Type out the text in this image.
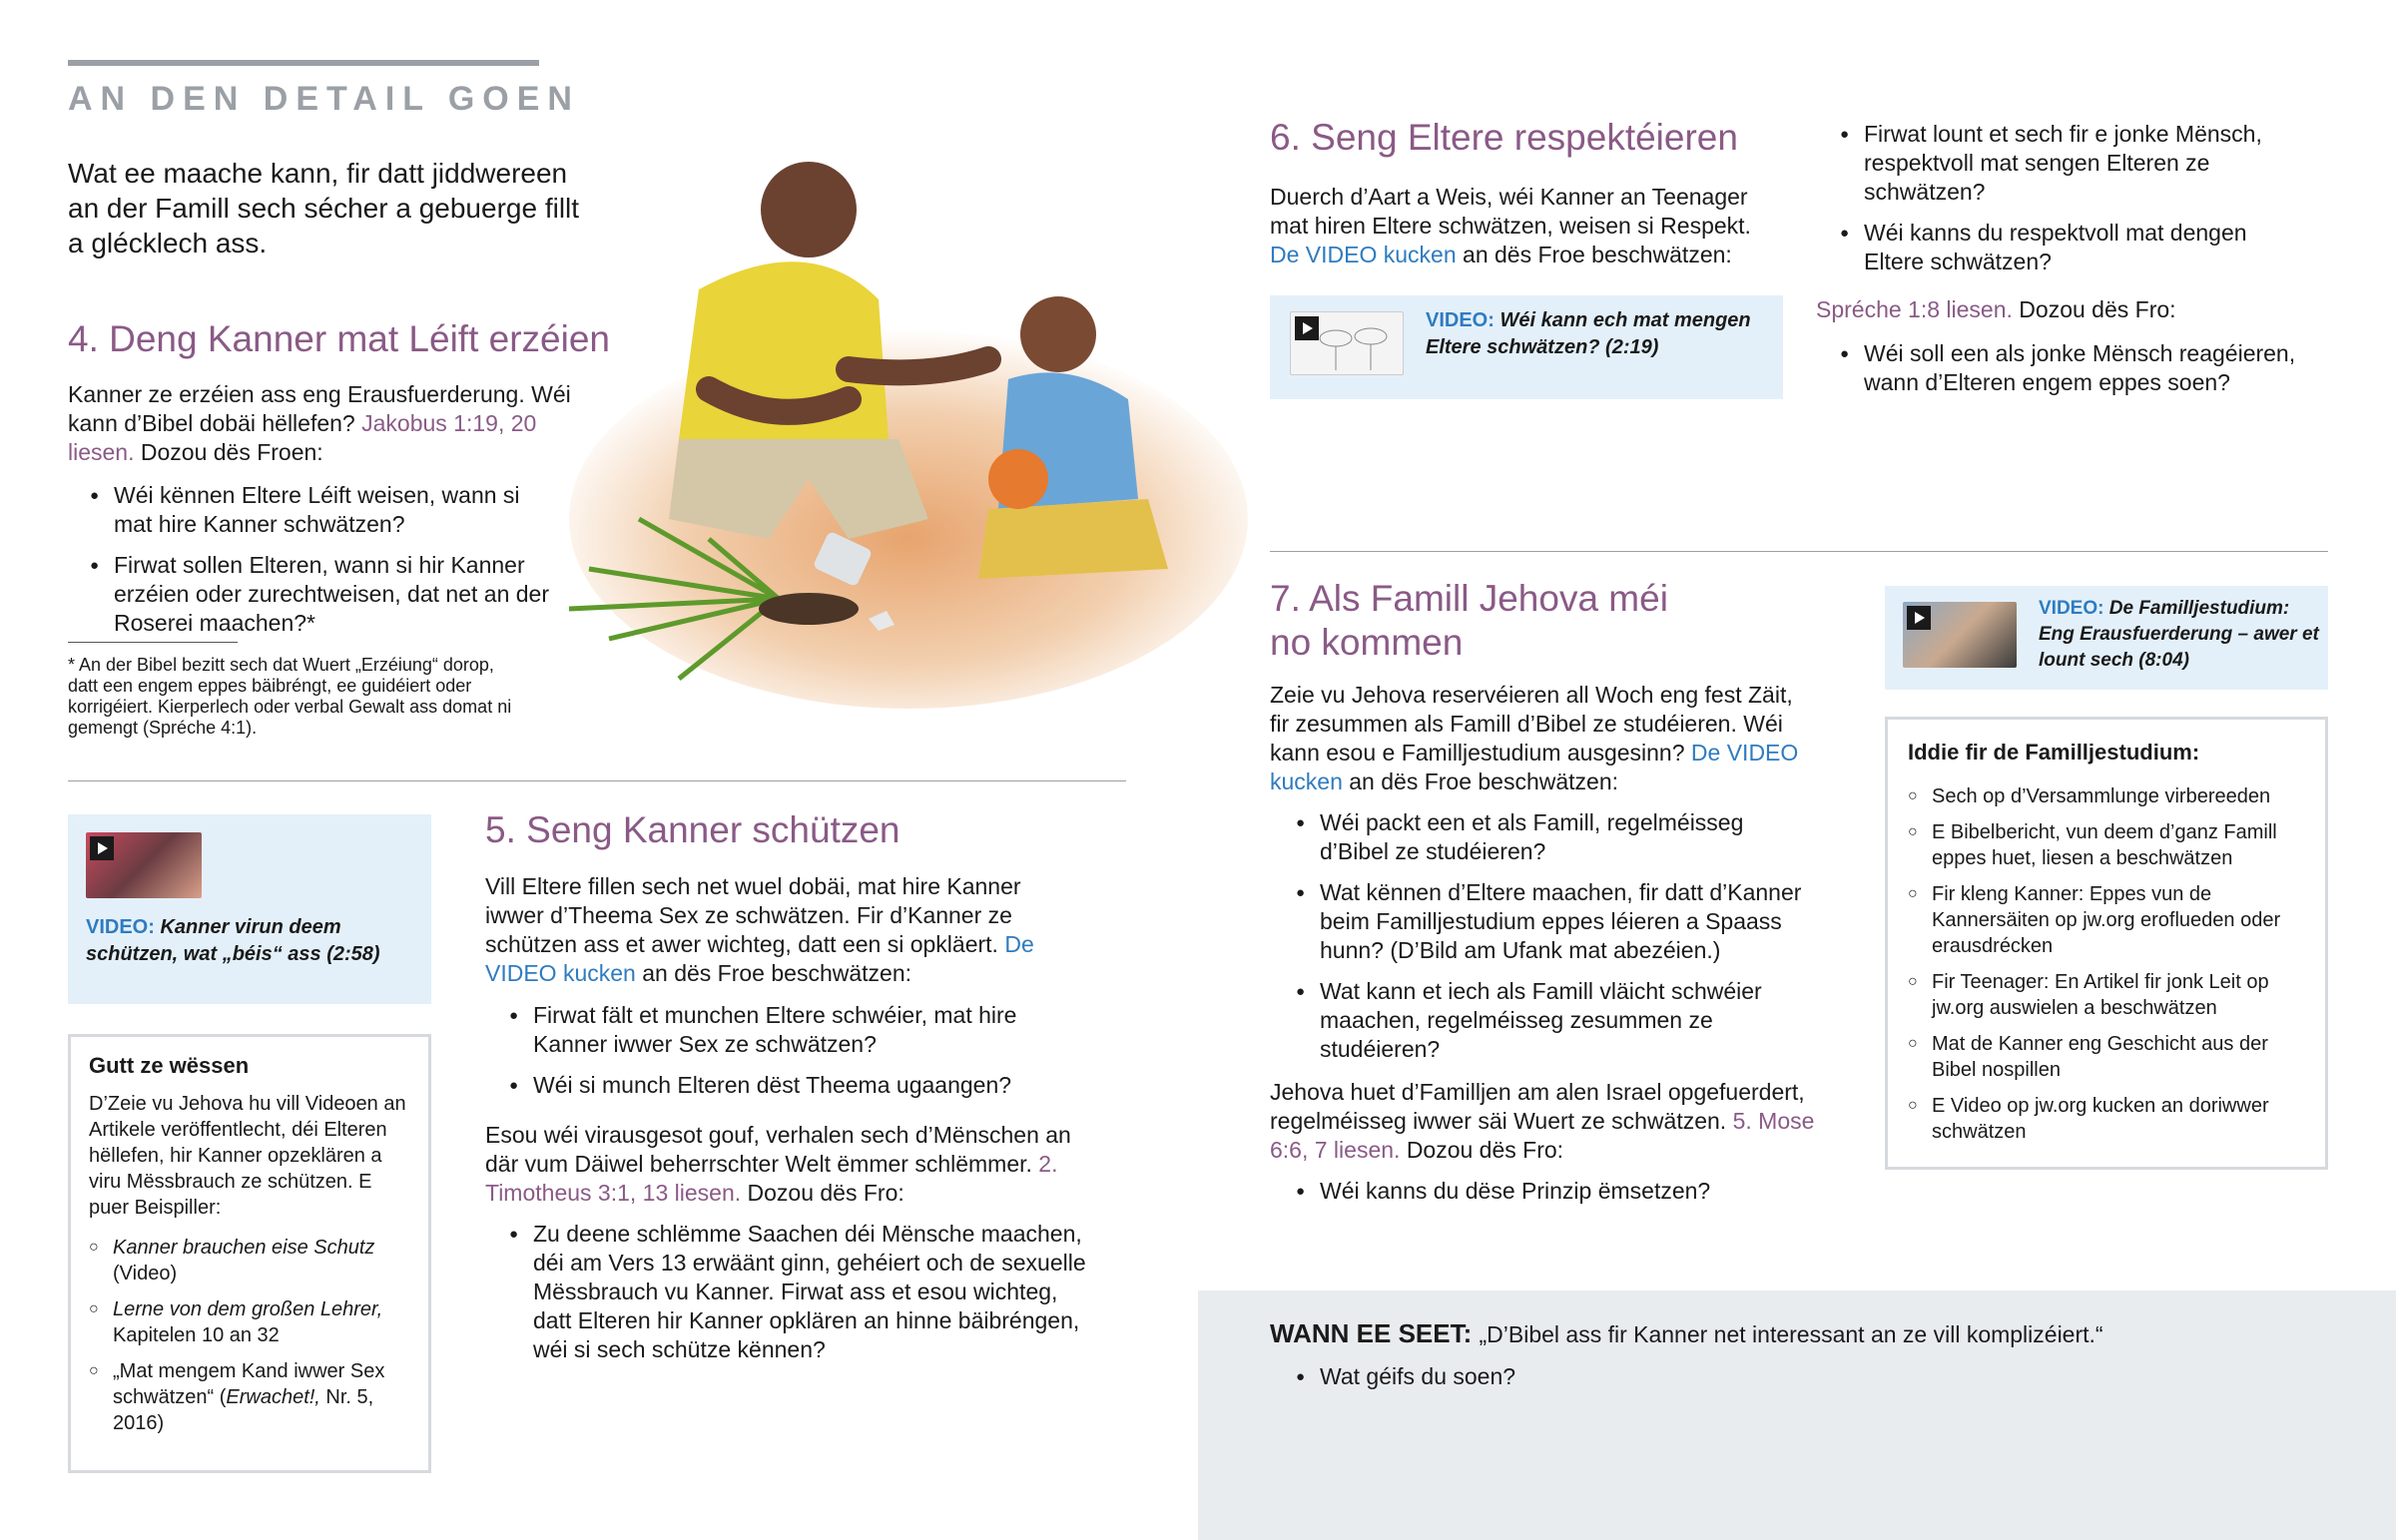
AN DEN DETAIL GOEN
Wat ee maache kann, fir datt jiddwereen an der Famill sech sécher a gebuerge fillt a glécklech ass.
4. Deng Kanner mat Léift erzéien
Kanner ze erzéien ass eng Erausfuerderung. Wéi kann d’Bibel dobäi hëllefen? Jakobus 1:19, 20 liesen. Dozou dës Froen:
● Wéi kënnen Eltere Léift weisen, wann si mat hire Kanner schwätzen?
● Firwat sollen Elteren, wann si hir Kanner erzéien oder zurechtweisen, dat net an der Roserei maachen?*
* An der Bibel bezitt sech dat Wuert „Erzéiung“ dorop, datt een engem eppes bäibréngt, ee guidéiert oder korrigéiert. Kierperlech oder verbal Gewalt ass domat ni gemengt (Spréche 4:1).
VIDEO: Kanner virun deem schützen, wat „béis“ ass (2:58)
Gutt ze wëssen
D’Zeie vu Jehova hu vill Videoen an Artikele veröffentlecht, déi Elteren hëllefen, hir Kanner opzeklären a viru Mëssbrauch ze schützen. E puer Beispiller:
○ Kanner brauchen eise Schutz (Video)
○ Lerne von dem großen Lehrer, Kapitelen 10 an 32
○ „Mat mengem Kand iwwer Sex schwätzen“ (Erwachet!, Nr. 5, 2016)
5. Seng Kanner schützen
Vill Eltere fillen sech net wuel dobäi, mat hire Kanner iwwer d’Theema Sex ze schwätzen. Fir d’Kanner ze schützen ass et awer wichteg, datt een si opkläert. De VIDEO kucken an dës Froe beschwätzen:
● Firwat fält et munchen Eltere schwéier, mat hire Kanner iwwer Sex ze schwätzen?
● Wéi si munch Elteren dëst Theema ugaangen?
Esou wéi virausgesot gouf, verhalen sech d’Mënschen an där vum Däiwel beherrschter Welt ëmmer schlëmmer. 2. Timotheus 3:1, 13 liesen. Dozou dës Fro:
● Zu deene schlëmme Saachen déi Mënsche maachen, déi am Vers 13 erwäänt ginn, gehéiert och de sexuelle Mëssbrauch vu Kanner. Firwat ass et esou wichteg, datt Elteren hir Kanner opklären an hinne bäibréngen, wéi si sech schütze kënnen?
6. Seng Eltere respektéieren
Duerch d’Aart a Weis, wéi Kanner an Teenager mat hiren Eltere schwätzen, weisen si Respekt. De VIDEO kucken an dës Froe beschwätzen:
VIDEO: Wéi kann ech mat mengen Eltere schwätzen? (2:19)
● Firwat lount et sech fir e jonke Mënsch, respektvoll mat sengen Elteren ze schwätzen?
● Wéi kanns du respektvoll mat dengen Eltere schwätzen?
Spréche 1:8 liesen. Dozou dës Fro:
● Wéi soll een als jonke Mënsch reagéieren, wann d’Elteren engem eppes soen?
7. Als Famill Jehova méi
no kommen
Zeie vu Jehova reservéieren all Woch eng fest Zäit, fir zesummen als Famill d’Bibel ze studéieren. Wéi kann esou e Familljestudium ausgesinn? De VIDEO kucken an dës Froe beschwätzen:
● Wéi packt een et als Famill, regelméisseg d’Bibel ze studéieren?
● Wat kënnen d’Eltere maachen, fir datt d’Kanner beim Familljestudium eppes léieren a Spaass hunn? (D’Bild am Ufank mat abezéien.)
● Wat kann et iech als Famill vläicht schwéier maachen, regelméisseg zesummen ze studéieren?
Jehova huet d’Familljen am alen Israel opgefuerdert, regelméisseg iwwer säi Wuert ze schwätzen. 5. Mose 6:6, 7 liesen. Dozou dës Fro:
● Wéi kanns du dëse Prinzip ëmsetzen?
VIDEO: De Familljestudium: Eng Erausfuerderung – awer et lount sech (8:04)
Iddie fir de Familljestudium:
○ Sech op d’Versammlunge virbereeden
○ E Bibelbericht, vun deem d’ganz Famill eppes huet, liesen a beschwätzen
○ Fir kleng Kanner: Eppes vun de Kannersäiten op jw.org eroflueden oder erausdrécken
○ Fir Teenager: En Artikel fir jonk Leit op jw.org auswielen a beschwätzen
○ Mat de Kanner eng Geschicht aus der Bibel nospillen
○ E Video op jw.org kucken an doriwwer schwätzen
WANN EE SEET: „D’Bibel ass fir Kanner net interessant an ze vill komplizéiert.“
● Wat géifs du soen?
